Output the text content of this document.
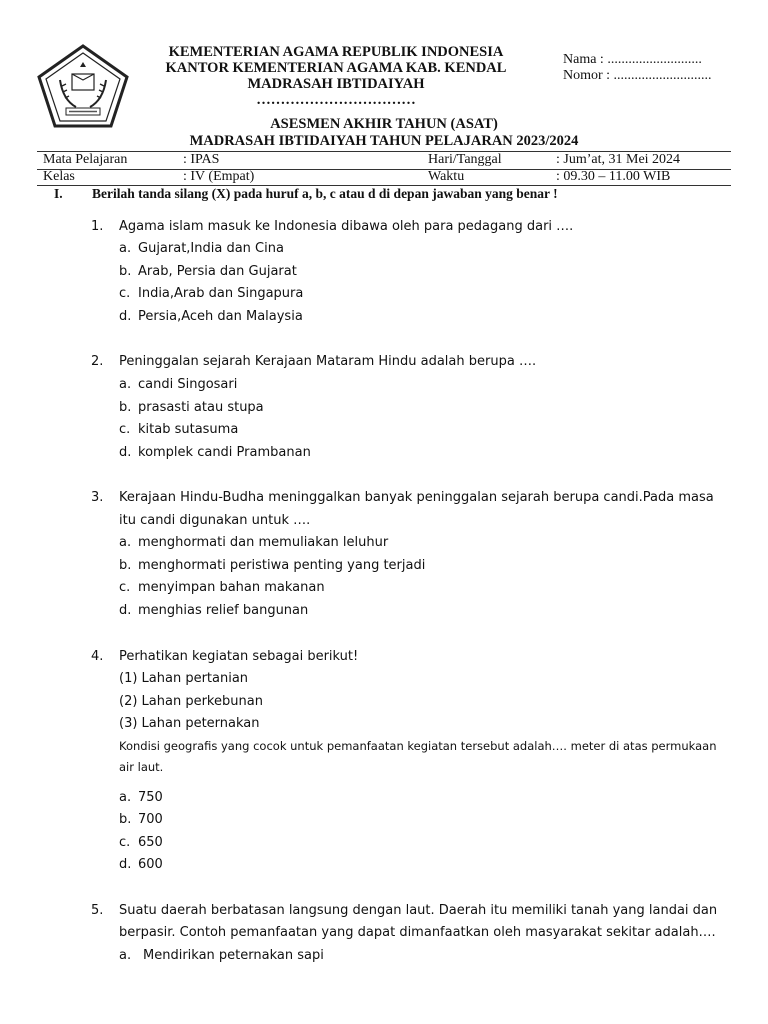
KEMENTERIAN AGAMA REPUBLIK INDONESIA
KANTOR KEMENTERIAN AGAMA KAB. KENDAL
MADRASAH IBTIDAIYAH
……………………………
Nama : ...........................
Nomor : ............................
ASESMEN AKHIR TAHUN (ASAT)
MADRASAH IBTIDAIYAH TAHUN PELAJARAN 2023/2024
Mata Pelajaran	: IPAS	Hari/Tanggal	: Jum’at, 31 Mei 2024
Kelas	: IV (Empat)	Waktu	: 09.30 – 11.00 WIB
I. Berilah tanda silang (X) pada huruf a, b, c atau d di depan jawaban yang benar !
1. Agama islam masuk ke Indonesia dibawa oleh para pedagang dari ….
a. Gujarat,India dan Cina
b. Arab, Persia dan Gujarat
c. India,Arab dan Singapura
d. Persia,Aceh dan Malaysia
2. Peninggalan sejarah Kerajaan Mataram Hindu adalah berupa ….
a. candi Singosari
b. prasasti atau stupa
c. kitab sutasuma
d. komplek candi Prambanan
3. Kerajaan Hindu-Budha meninggalkan banyak peninggalan sejarah berupa candi.Pada masa
itu candi digunakan untuk ….
a. menghormati dan memuliakan leluhur
b. menghormati peristiwa penting yang terjadi
c. menyimpan bahan makanan
d. menghias relief bangunan
4. Perhatikan kegiatan sebagai berikut!
(1) Lahan pertanian
(2) Lahan perkebunan
(3) Lahan peternakan
Kondisi geografis yang cocok untuk pemanfaatan kegiatan tersebut adalah…. meter di atas permukaan
air laut.
a. 750
b. 700
c. 650
d. 600
5. Suatu daerah berbatasan langsung dengan laut. Daerah itu memiliki tanah yang landai dan
berpasir. Contoh pemanfaatan yang dapat dimanfaatkan oleh masyarakat sekitar adalah….
a. Mendirikan peternakan sapi
